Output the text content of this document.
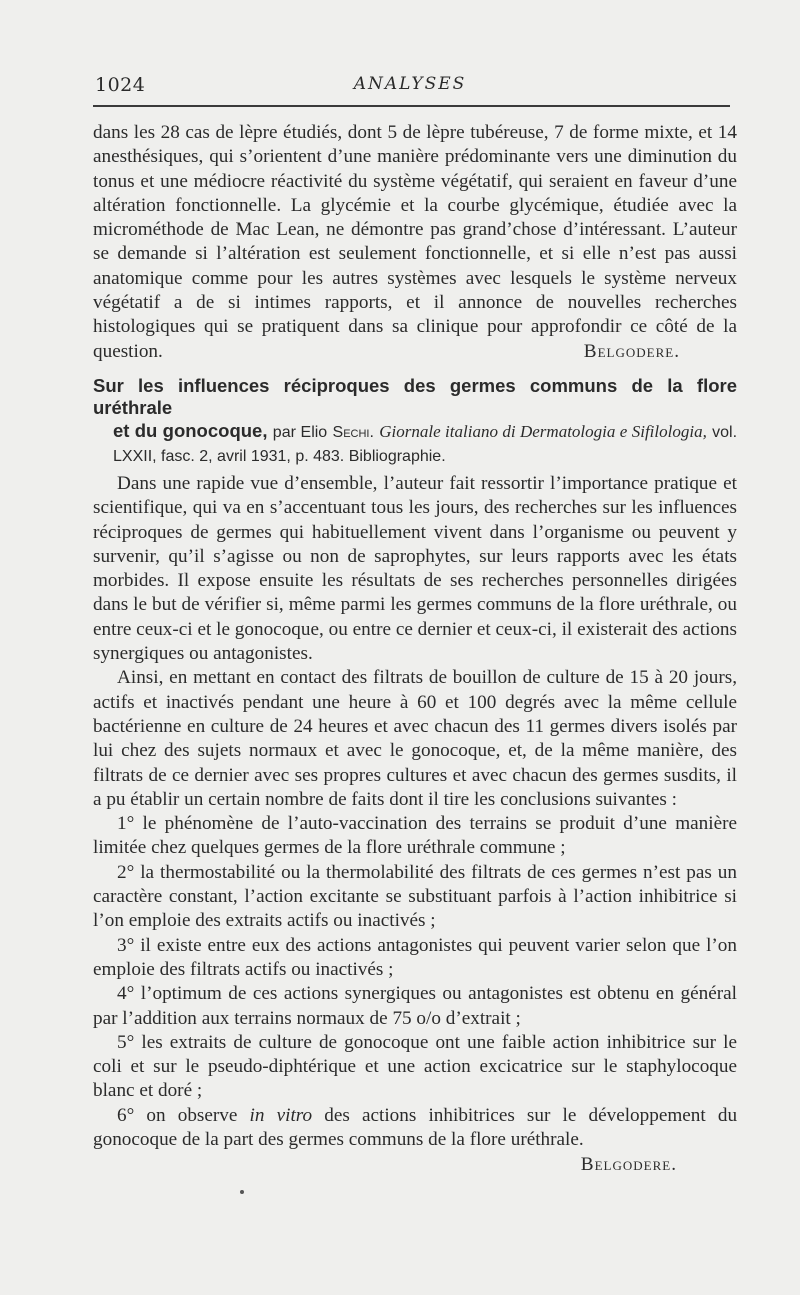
1024	ANALYSES

dans les 28 cas de lèpre étudiés, dont 5 de lèpre tubéreuse, 7 de forme mixte, et 14 anesthésiques, qui s’orientent d’une manière prédominante vers une diminution du tonus et une médiocre réactivité du système végétatif, qui seraient en faveur d’une altération fonctionnelle. La glycémie et la courbe glycémique, étudiée avec la microméthode de Mac Lean, ne démontre pas grand’chose d’intéressant. L’auteur se demande si l’altération est seulement fonctionnelle, et si elle n’est pas aussi anatomique comme pour les autres systèmes avec lesquels le système nerveux végétatif a de si intimes rapports, et il annonce de nouvelles recherches histologiques qui se pratiquent dans sa clinique pour approfondir ce côté de la question.	Belgodere.

Sur les influences réciproques des germes communs de la flore uréthrale
et du gonocoque, par Elio Sechi. Giornale italiano di Dermatologia e Sifilologia, vol. LXXII, fasc. 2, avril 1931, p. 483. Bibliographie.

Dans une rapide vue d’ensemble, l’auteur fait ressortir l’importance pratique et scientifique, qui va en s’accentuant tous les jours, des recherches sur les influences réciproques de germes qui habituellement vivent dans l’organisme ou peuvent y survenir, qu’il s’agisse ou non de saprophytes, sur leurs rapports avec les états morbides. Il expose ensuite les résultats de ses recherches personnelles dirigées dans le but de vérifier si, même parmi les germes communs de la flore uréthrale, ou entre ceux-ci et le gonocoque, ou entre ce dernier et ceux-ci, il existerait des actions synergiques ou antagonistes.

Ainsi, en mettant en contact des filtrats de bouillon de culture de 15 à 20 jours, actifs et inactivés pendant une heure à 60 et 100 degrés avec la même cellule bactérienne en culture de 24 heures et avec chacun des 11 germes divers isolés par lui chez des sujets normaux et avec le gonocoque, et, de la même manière, des filtrats de ce dernier avec ses propres cultures et avec chacun des germes susdits, il a pu établir un certain nombre de faits dont il tire les conclusions suivantes :

1° le phénomène de l’auto-vaccination des terrains se produit d’une manière limitée chez quelques germes de la flore uréthrale commune ;

2° la thermostabilité ou la thermolabilité des filtrats de ces germes n’est pas un caractère constant, l’action excitante se substituant parfois à l’action inhibitrice si l’on emploie des extraits actifs ou inactivés ;

3° il existe entre eux des actions antagonistes qui peuvent varier selon que l’on emploie des filtrats actifs ou inactivés ;

4° l’optimum de ces actions synergiques ou antagonistes est obtenu en général par l’addition aux terrains normaux de 75 o/o d’extrait ;

5° les extraits de culture de gonocoque ont une faible action inhibitrice sur le coli et sur le pseudo-diphtérique et une action excicatrice sur le staphylocoque blanc et doré ;

6° on observe in vitro des actions inhibitrices sur le développement du gonocoque de la part des germes communs de la flore uréthrale.

Belgodere.
